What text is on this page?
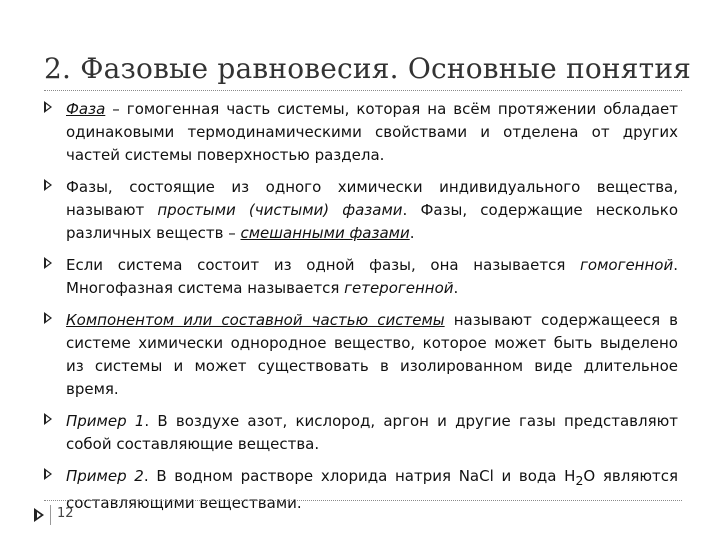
2. Фазовые равновесия. Основные понятия
Фаза – гомогенная часть системы, которая на всём протяжении обладает одинаковыми термодинамическими свойствами и отделена от других частей системы поверхностью раздела.
Фазы, состоящие из одного химически индивидуального вещества, называют простыми (чистыми) фазами. Фазы, содержащие несколько различных веществ – смешанными фазами.
Если система состоит из одной фазы, она называется гомогенной. Многофазная система называется гетерогенной.
Компонентом или составной частью системы называют содержащееся в системе химически однородное вещество, которое может быть выделено из системы и может существовать в изолированном виде длительное время.
Пример 1. В воздухе азот, кислород, аргон и другие газы представляют собой составляющие вещества.
Пример 2. В водном растворе хлорида натрия NaCl и вода $H_2O$ являются составляющими веществами.
12
